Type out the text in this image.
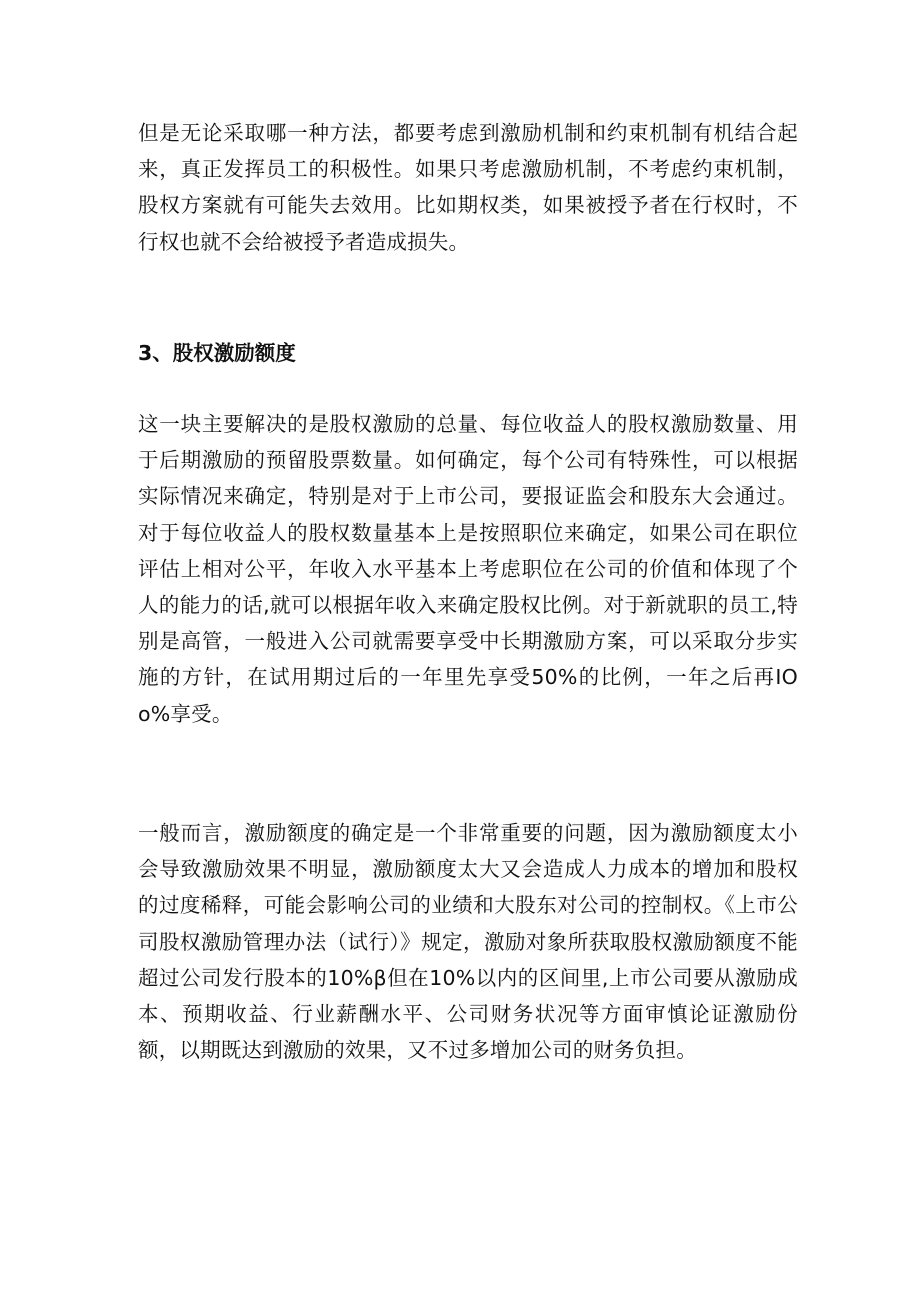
但是无论采取哪一种方法，都要考虑到激励机制和约束机制有机结合起来，真正发挥员工的积极性。如果只考虑激励机制，不考虑约束机制，股权方案就有可能失去效用。比如期权类，如果被授予者在行权时，不行权也就不会给被授予者造成损失。

3、股权激励额度

这一块主要解决的是股权激励的总量、每位收益人的股权激励数量、用于后期激励的预留股票数量。如何确定，每个公司有特殊性，可以根据实际情况来确定，特别是对于上市公司，要报证监会和股东大会通过。对于每位收益人的股权数量基本上是按照职位来确定，如果公司在职位评估上相对公平，年收入水平基本上考虑职位在公司的价值和体现了个人的能力的话,就可以根据年收入来确定股权比例。对于新就职的员工,特别是高管，一般进入公司就需要享受中长期激励方案，可以采取分步实施的方针，在试用期过后的一年里先享受50%的比例，一年之后再IOo%享受。

一般而言，激励额度的确定是一个非常重要的问题，因为激励额度太小会导致激励效果不明显，激励额度太大又会造成人力成本的增加和股权的过度稀释，可能会影响公司的业绩和大股东对公司的控制权。《上市公司股权激励管理办法（试行）》规定，激励对象所获取股权激励额度不能超过公司发行股本的10%β但在10%以内的区间里,上市公司要从激励成本、预期收益、行业薪酬水平、公司财务状况等方面审慎论证激励份额，以期既达到激励的效果，又不过多增加公司的财务负担。
